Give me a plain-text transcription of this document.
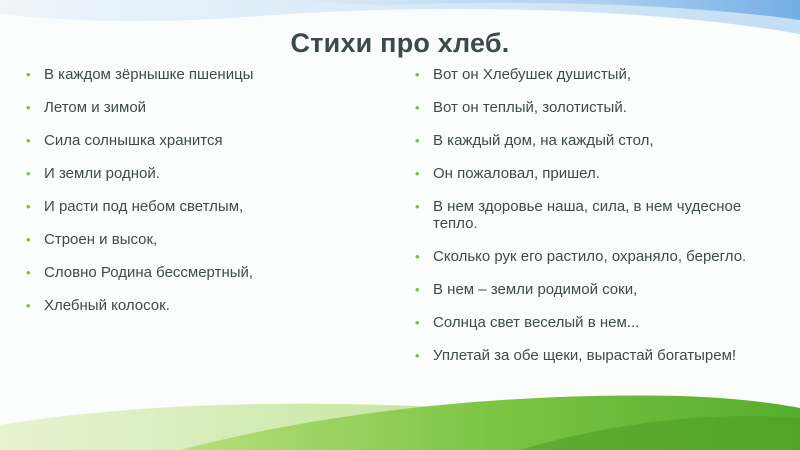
Стихи про хлеб.
• В каждом зёрнышке пшеницы
• Летом и зимой
• Сила солнышка хранится
• И земли родной.
• И расти под небом светлым,
• Строен и высок,
• Словно Родина бессмертный,
• Хлебный колосок.
• Вот он Хлебушек душистый,
• Вот он теплый, золотистый.
• В каждый дом, на каждый стол,
• Он пожаловал, пришел.
• В нем здоровье наша, сила, в нем чудесное тепло.
• Сколько рук его растило, охраняло, берегло.
• В нем – земли родимой соки,
• Солнца свет веселый в нем...
• Уплетай за обе щеки, вырастай богатырем!
